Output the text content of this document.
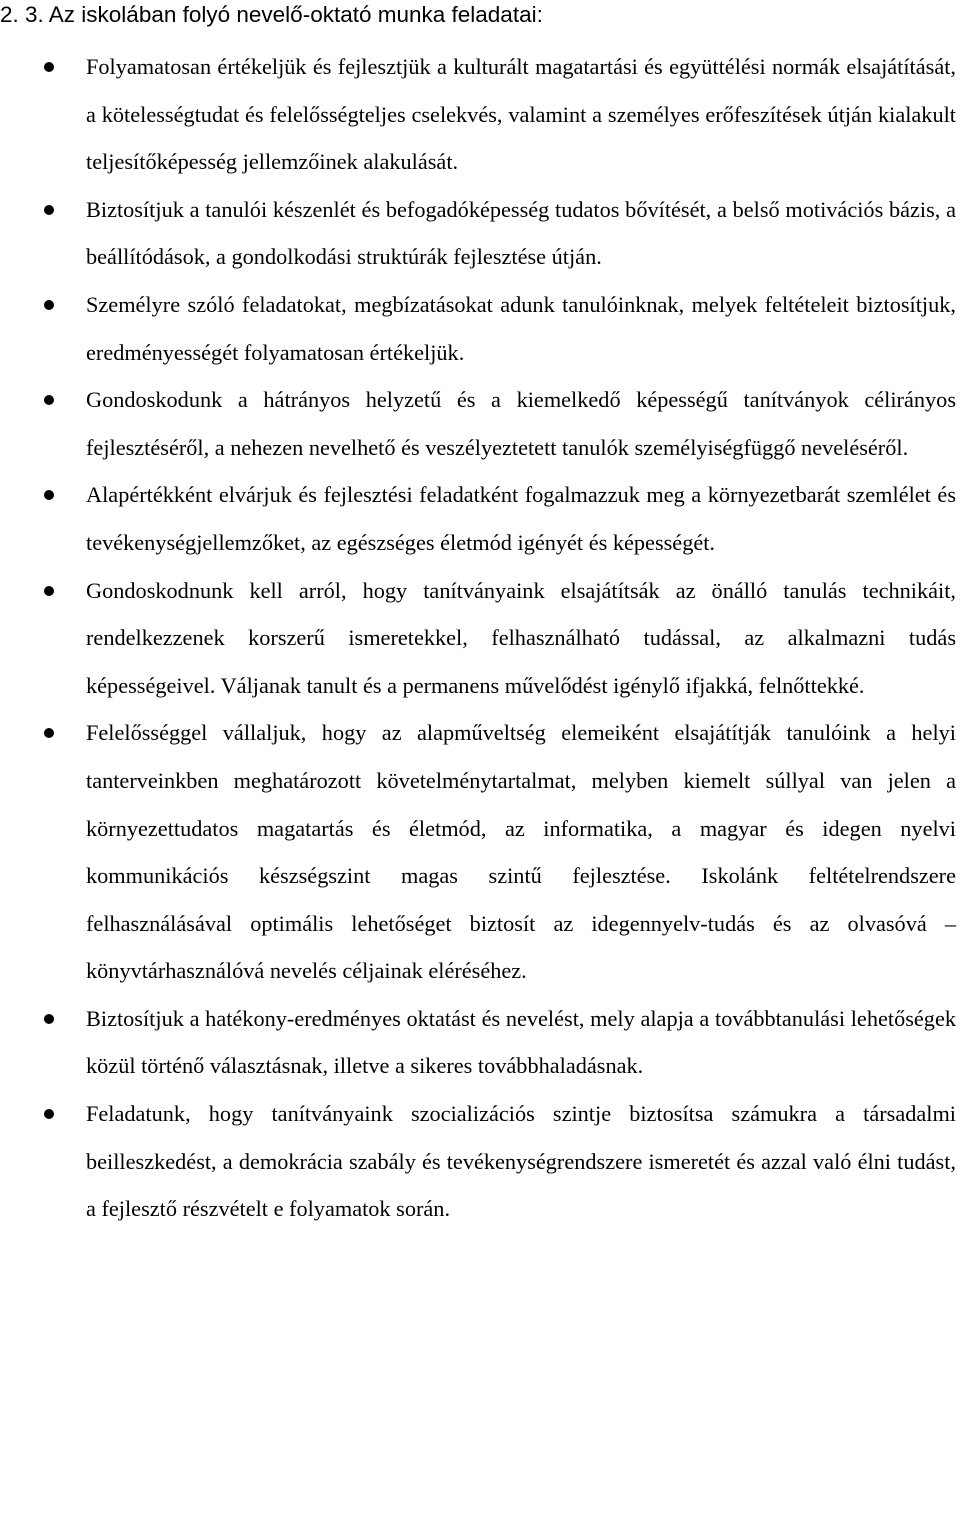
2. 3. Az iskolában folyó nevelő-oktató munka feladatai:
Folyamatosan értékeljük és fejlesztjük a kulturált magatartási és együttélési normák elsajátítását, a kötelességtudat és felelősségteljes cselekvés, valamint a személyes erőfeszítések útján kialakult teljesítőképesség jellemzőinek alakulását.
Biztosítjuk a tanulói készenlét és befogadóképesség tudatos bővítését, a belső motivációs bázis, a beállítódások, a gondolkodási struktúrák fejlesztése útján.
Személyre szóló feladatokat, megbízatásokat adunk tanulóinknak, melyek feltételeit biztosítjuk, eredményességét folyamatosan értékeljük.
Gondoskodunk a hátrányos helyzetű és a kiemelkedő képességű tanítványok célirányos fejlesztéséről, a nehezen nevelhető és veszélyeztetett tanulók személyiségfüggő neveléséről.
Alapértékként elvárjuk és fejlesztési feladatként fogalmazzuk meg a környezetbarát szemlélet és tevékenységjellemzőket, az egészséges életmód igényét és képességét.
Gondoskodnunk kell arról, hogy tanítványaink elsajátítsák az önálló tanulás technikáit, rendelkezzenek korszerű ismeretekkel, felhasználható tudással, az alkalmazni tudás képességeivel. Váljanak tanult és a permanens művelődést igénylő ifjakká, felnőttekké.
Felelősséggel vállaljuk, hogy az alapműveltség elemeiként elsajátítják tanulóink a helyi tanterveinkben meghatározott követelménytartalmat, melyben kiemelt súllyal van jelen a környezettudatos magatartás és életmód, az informatika, a magyar és idegen nyelvi kommunikációs készségszint magas szintű fejlesztése. Iskolánk feltételrendszere felhasználásával optimális lehetőséget biztosít az idegennyelv-tudás és az olvasóvá – könyvtárhasználóvá nevelés céljainak eléréséhez.
Biztosítjuk a hatékony-eredményes oktatást és nevelést, mely alapja a továbbtanulási lehetőségek közül történő választásnak, illetve a sikeres továbbhaladásnak.
Feladatunk, hogy tanítványaink szocializációs szintje biztosítsa számukra a társadalmi beilleszkedést, a demokrácia szabály és tevékenységrendszere ismeretét és azzal való élni tudást, a fejlesztő részvételt e folyamatok során.
